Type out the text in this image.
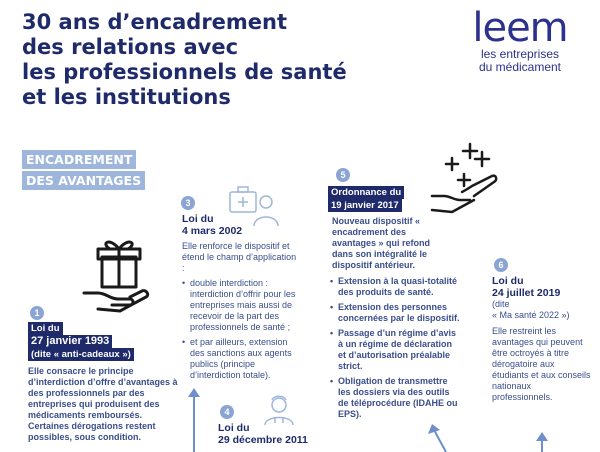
30 ans d’encadrement
des relations avec
les professionnels de santé
et les institutions
leem
les entreprises
du médicament
ENCADREMENT
DES AVANTAGES
1
Loi du
27 janvier 1993
(dite « anti-cadeaux »)
Elle consacre le principe d’interdiction d’offre d’avantages à des professionnels par des entreprises qui produisent des médicaments remboursés. Certaines dérogations restent possibles, sous condition.
3
Loi du
4 mars 2002
Elle renforce le dispositif et étend le champ d’application :
• double interdiction : interdiction d’offrir pour les entreprises mais aussi de recevoir de la part des professionnels de santé ;
• et par ailleurs, extension des sanctions aux agents publics (principe d’interdiction totale).
4
Loi du
29 décembre 2011
5
Ordonnance du
19 janvier 2017
Nouveau dispositif « encadrement des avantages » qui refond dans son intégralité le dispositif antérieur.
• Extension à la quasi-totalité des produits de santé.
• Extension des personnes concernées par le dispositif.
• Passage d’un régime d’avis à un régime de déclaration et d’autorisation préalable strict.
• Obligation de transmettre les dossiers via des outils de téléprocédure (IDAHE ou EPS).
6
Loi du
24 juillet 2019
(dite
« Ma santé 2022 »)
Elle restreint les avantages qui peuvent être octroyés à titre dérogatoire aux étudiants et aux conseils nationaux professionnels.
